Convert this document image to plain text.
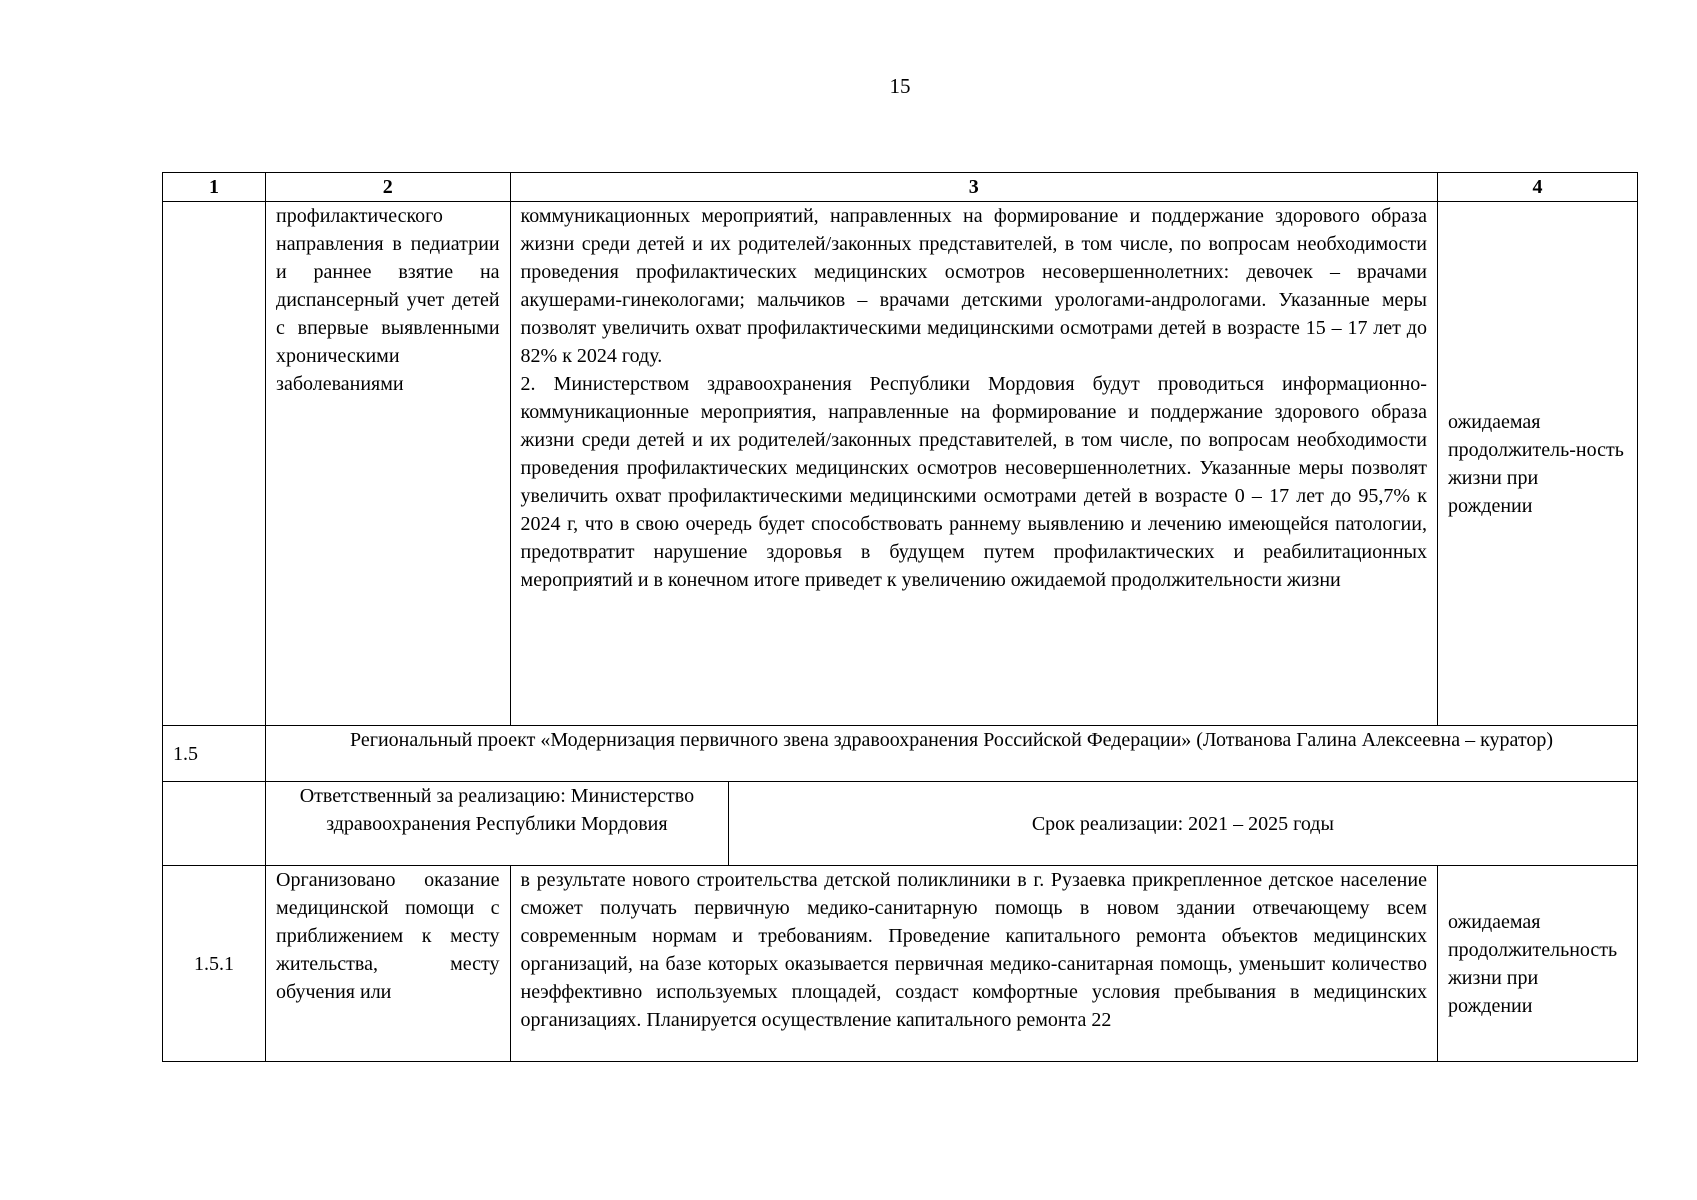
15
1	2	3		4
	профилактического направления в педиатрии и раннее взятие на диспансерный учет детей с впервые выявленными хроническими заболеваниями	коммуникационных мероприятий, направленных на формирование и поддержание здорового образа жизни среди детей и их родителей/законных представителей, в том числе, по вопросам необходимости проведения профилактических медицинских осмотров несовершеннолетних: девочек – врачами акушерами-гинекологами; мальчиков – врачами детскими урологами-андрологами. Указанные меры позволят увеличить охват профилактическими медицинскими осмотрами детей в возрасте 15 – 17 лет до 82% к 2024 году.

2. Министерством здравоохранения Республики Мордовия будут проводиться информационно-коммуникационные мероприятия, направленные на формирование и поддержание здорового образа жизни среди детей и их родителей/законных представителей, в том числе, по вопросам необходимости проведения профилактических медицинских осмотров несовершеннолетних. Указанные меры позволят увеличить охват профилактическими медицинскими осмотрами детей в возрасте 0 – 17 лет до 95,7% к 2024 г, что в свою очередь будет способствовать раннему выявлению и лечению имеющейся патологии, предотвратит нарушение здоровья в будущем путем профилактических и реабилитационных мероприятий и в конечном итоге приведет к увеличению ожидаемой продолжительности жизни		ожидаемая продолжитель-ность жизни при рождении
1.5	Региональный проект «Модернизация первичного звена здравоохранения Российской Федерации» (Лотванова Галина Алексеевна – куратор)			
	Ответственный за реализацию: Министерство здравоохранения Республики Мордовия		Срок реализации: 2021 – 2025 годы	
1.5.1	Организовано оказание медицинской помощи с приближением к месту жительства, месту обучения или	в результате нового строительства детской поликлиники в г. Рузаевка прикрепленное детское население сможет получать первичную медико-санитарную помощь в новом здании отвечающему всем современным нормам и требованиям. Проведение капитального ремонта объектов медицинских организаций, на базе которых оказывается первичная медико-санитарная помощь, уменьшит количество неэффективно используемых площадей, создаст комфортные условия пребывания в медицинских организациях. Планируется осуществление капитального ремонта 22		ожидаемая продолжительность жизни при рождении
